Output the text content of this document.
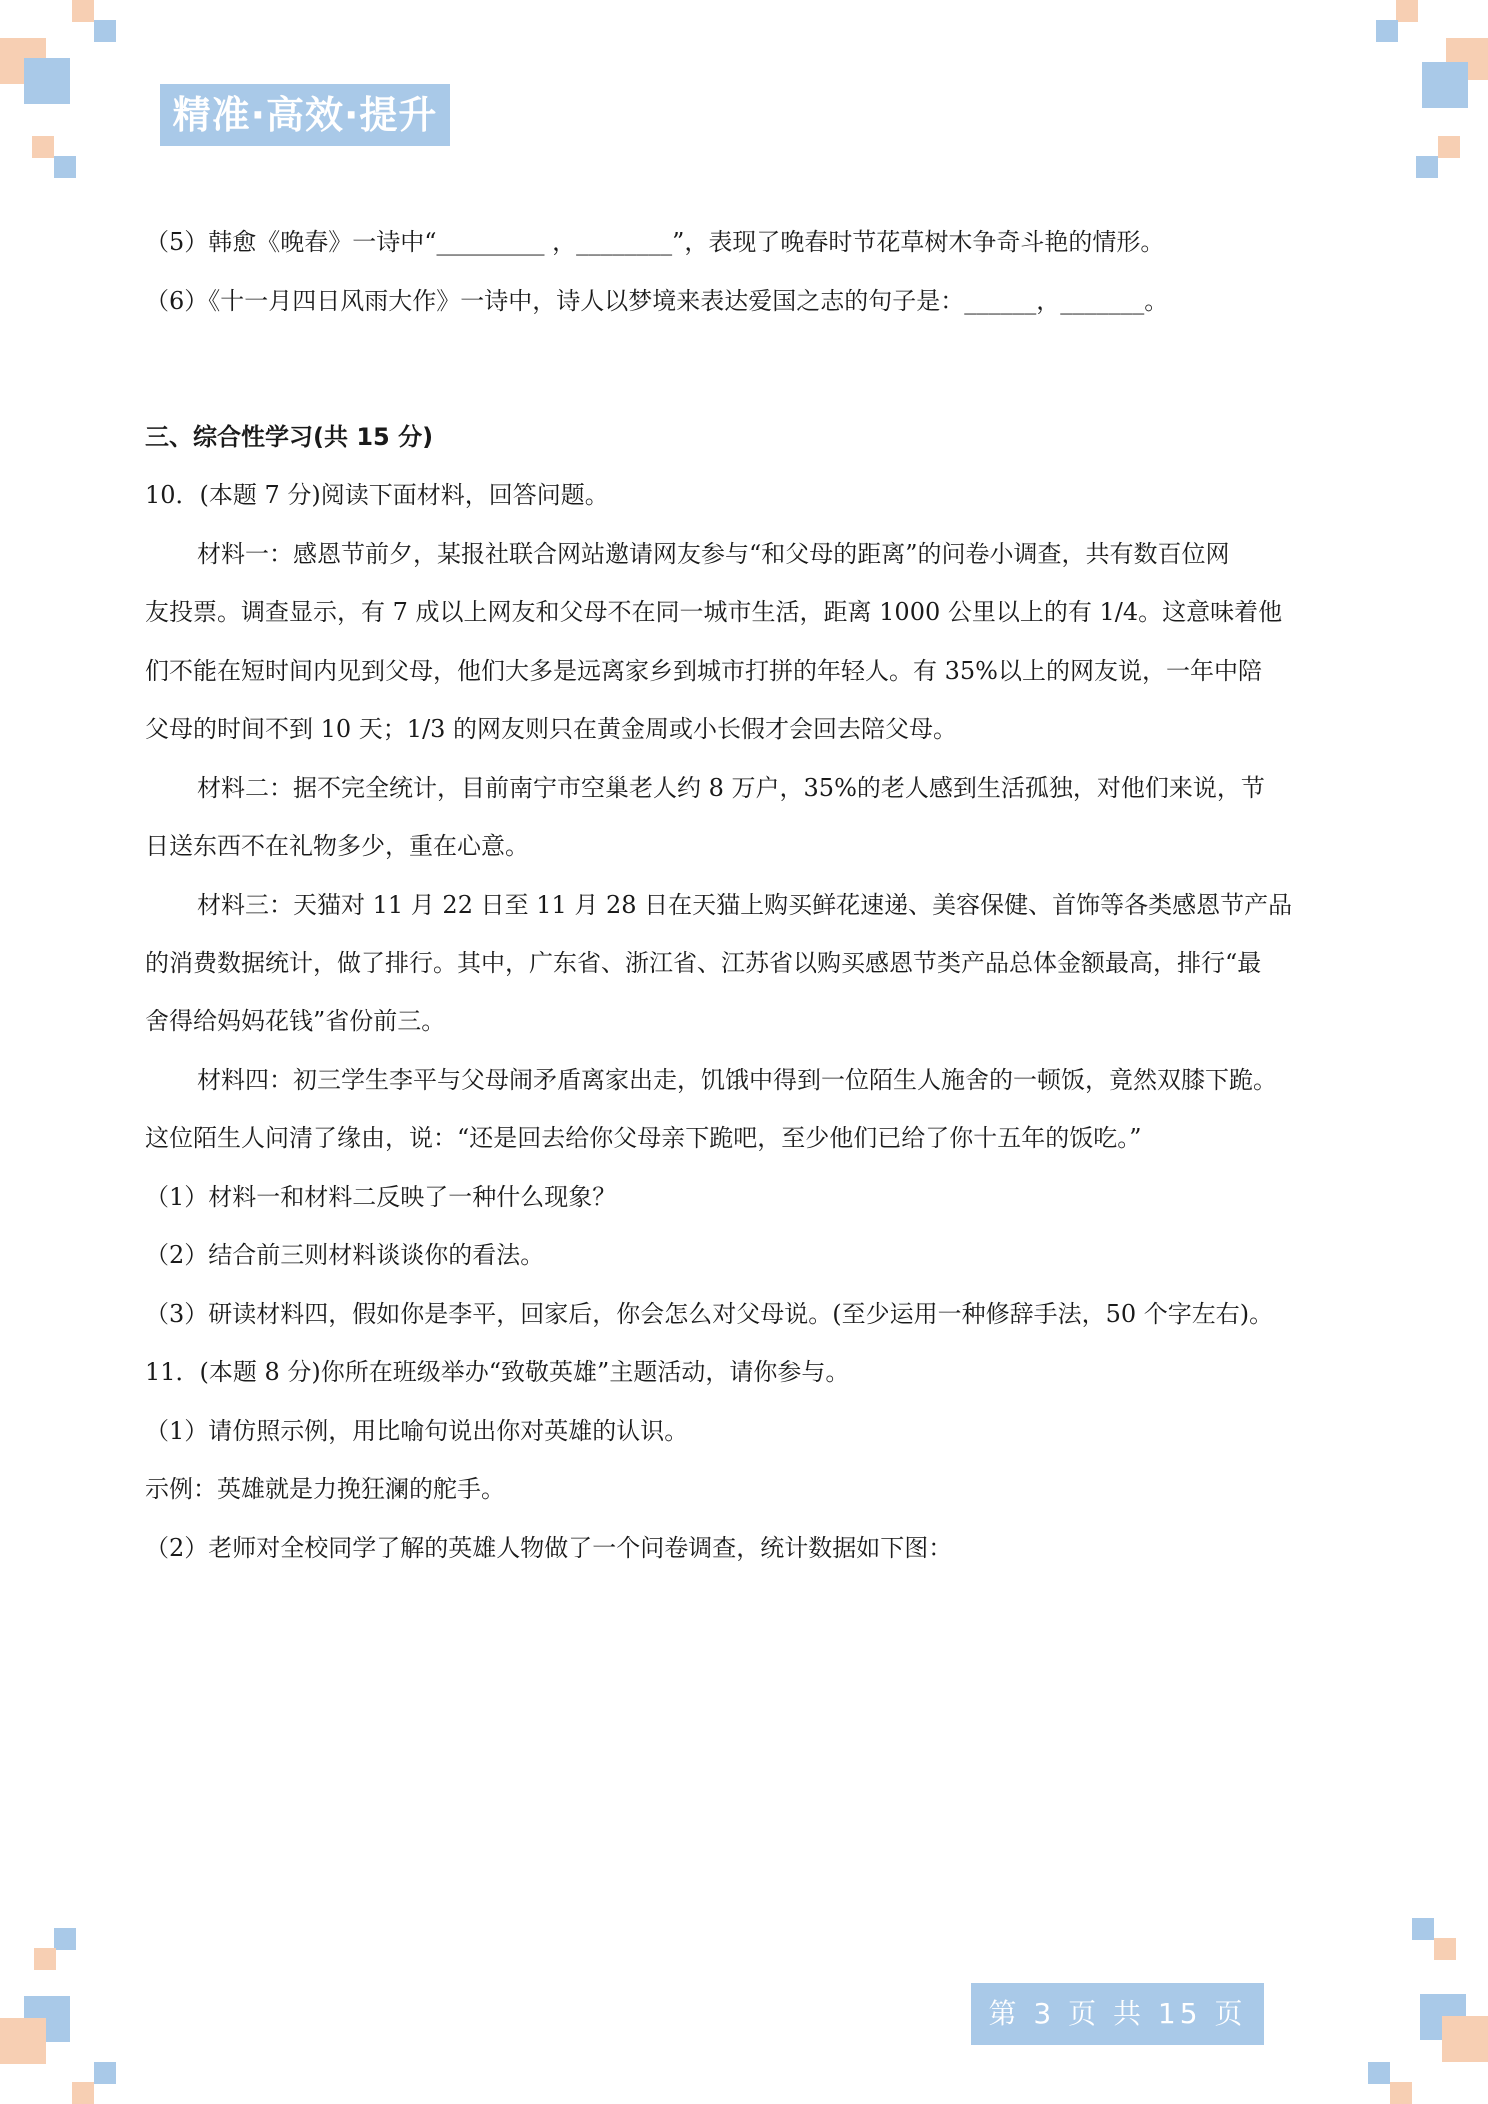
精准·高效·提升
（5）韩愈《晚春》一诗中“_________ ，________”，表现了晚春时节花草树木争奇斗艳的情形。
（6）《十一月四日风雨大作》一诗中，诗人以梦境来表达爱国之志的句子是：______，_______。
三、综合性学习(共 15 分)
10．(本题 7 分)阅读下面材料，回答问题。
材料一：感恩节前夕，某报社联合网站邀请网友参与“和父母的距离”的问卷小调查，共有数百位网
友投票。调查显示，有 7 成以上网友和父母不在同一城市生活，距离 1000 公里以上的有 1/4。这意味着他
们不能在短时间内见到父母，他们大多是远离家乡到城市打拼的年轻人。有 35%以上的网友说，一年中陪
父母的时间不到 10 天；1/3 的网友则只在黄金周或小长假才会回去陪父母。
材料二：据不完全统计，目前南宁市空巢老人约 8 万户，35%的老人感到生活孤独，对他们来说，节
日送东西不在礼物多少，重在心意。
材料三：天猫对 11 月 22 日至 11 月 28 日在天猫上购买鲜花速递、美容保健、首饰等各类感恩节产品
的消费数据统计，做了排行。其中，广东省、浙江省、江苏省以购买感恩节类产品总体金额最高，排行“最
舍得给妈妈花钱”省份前三。
材料四：初三学生李平与父母闹矛盾离家出走，饥饿中得到一位陌生人施舍的一顿饭，竟然双膝下跪。
这位陌生人问清了缘由，说：“还是回去给你父母亲下跪吧，至少他们已给了你十五年的饭吃。”
（1）材料一和材料二反映了一种什么现象？
（2）结合前三则材料谈谈你的看法。
（3）研读材料四，假如你是李平，回家后，你会怎么对父母说。(至少运用一种修辞手法，50 个字左右)。
11．(本题 8 分)你所在班级举办“致敬英雄”主题活动，请你参与。
（1）请仿照示例，用比喻句说出你对英雄的认识。
示例：英雄就是力挽狂澜的舵手。
（2）老师对全校同学了解的英雄人物做了一个问卷调查，统计数据如下图：
第 3 页 共 15 页
